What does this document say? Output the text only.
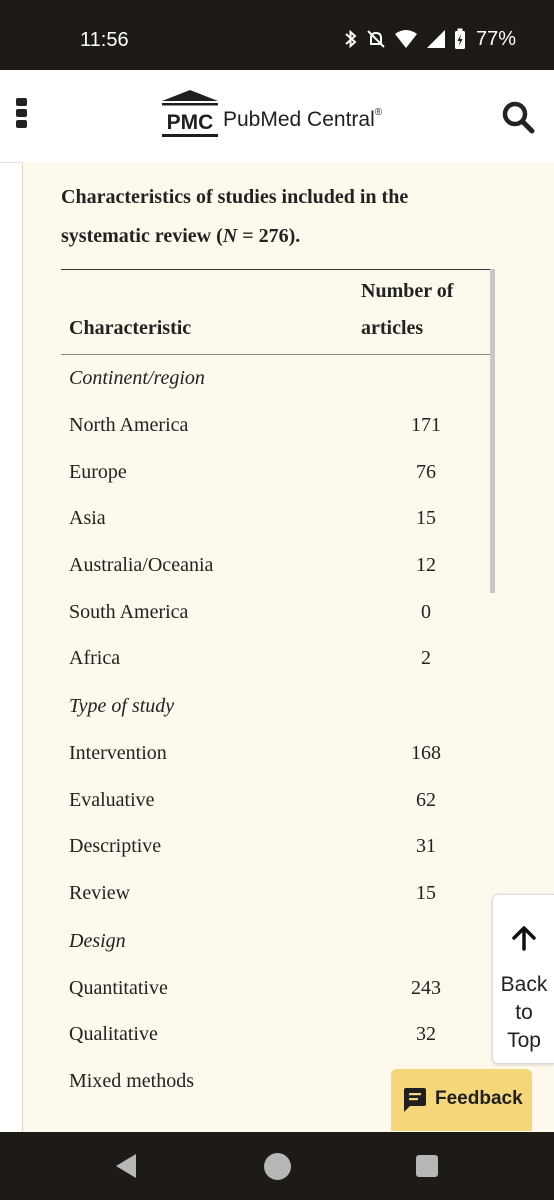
11:56	77%
PMC PubMed Central®
Characteristics of studies included in the systematic review (N = 276).
Characteristic
Number of articles
Continent/region
North America	171
Europe	76
Asia	15
Australia/Oceania	12
South America	0
Africa	2
Type of study
Intervention	168
Evaluative	62
Descriptive	31
Review	15
Design
Quantitative	243
Qualitative	32
Mixed methods
Back
to
Top
Feedback
